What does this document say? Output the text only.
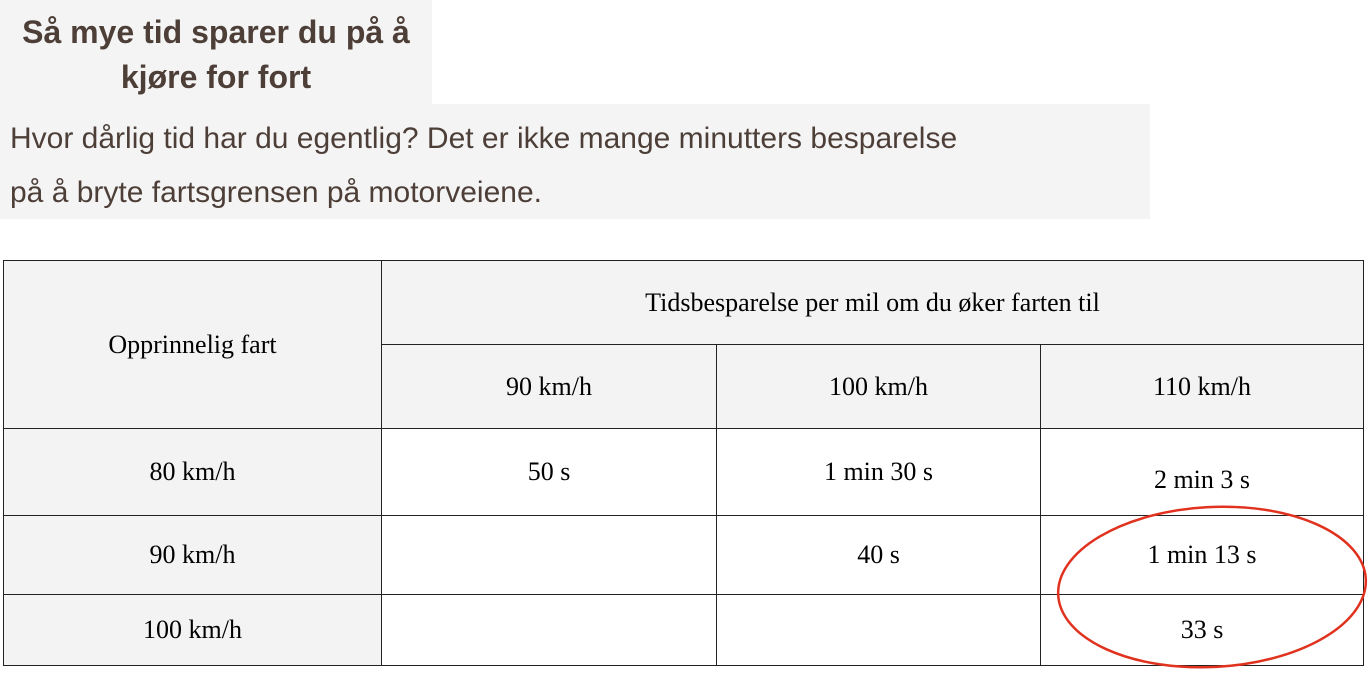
Så mye tid sparer du på å
kjøre for fort
Hvor dårlig tid har du egentlig? Det er ikke mange minutters besparelse
på å bryte fartsgrensen på motorveiene.
Opprinnelig fart	Tidsbesparelse per mil om du øker farten til		
	90 km/h	100 km/h	110 km/h
80 km/h	50 s	1 min 30 s	2 min 3 s
90 km/h		40 s	1 min 13 s
100 km/h			33 s
